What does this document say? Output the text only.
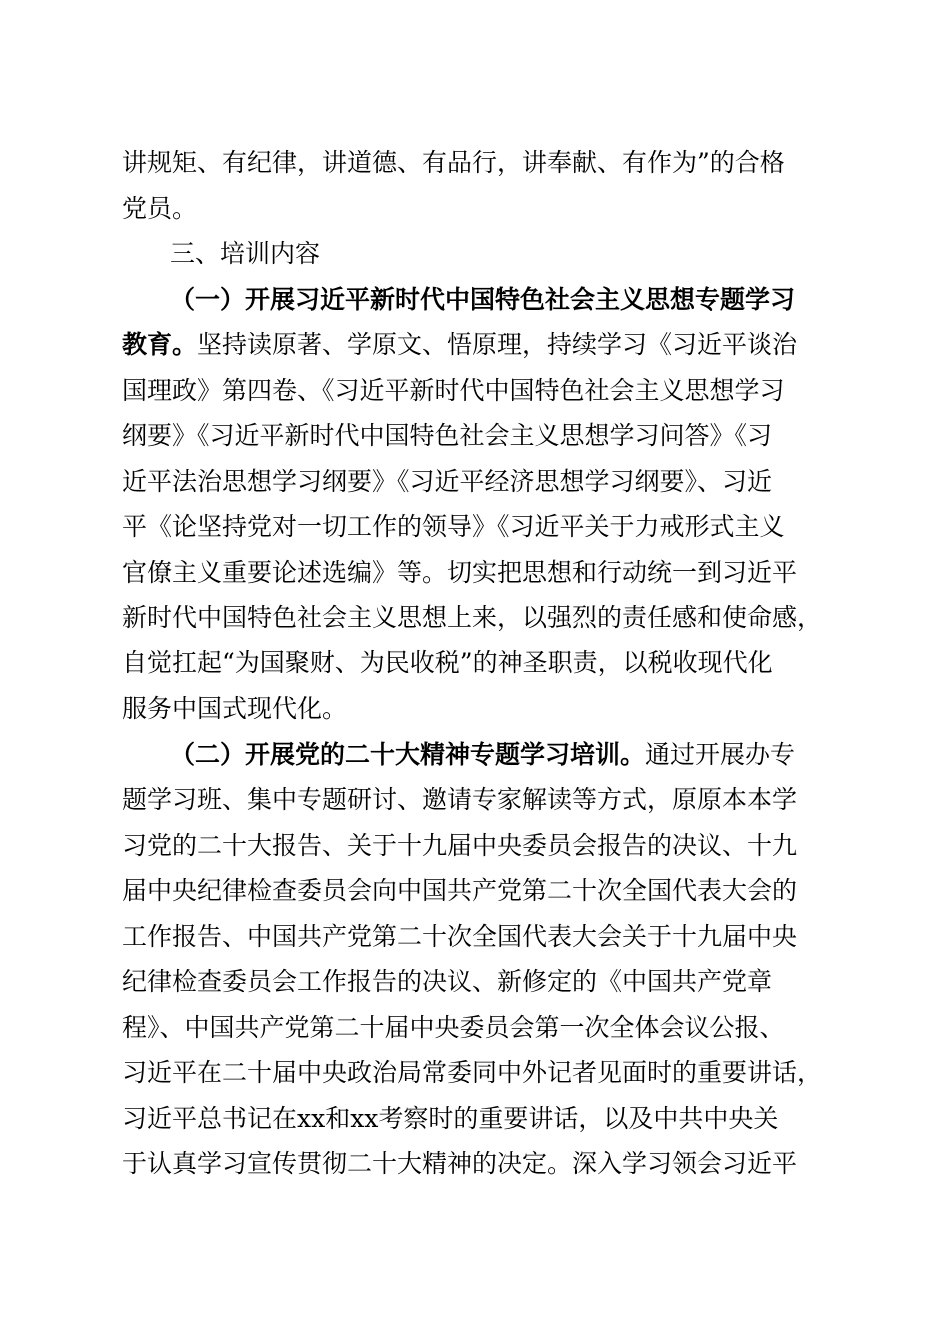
讲规矩、有纪律，讲道德、有品行，讲奉献、有作为”的合格
党员。
三、培训内容
（一）开展习近平新时代中国特色社会主义思想专题学习
教育。坚持读原著、学原文、悟原理，持续学习《习近平谈治
国理政》第四卷、《习近平新时代中国特色社会主义思想学习
纲要》《习近平新时代中国特色社会主义思想学习问答》《习
近平法治思想学习纲要》《习近平经济思想学习纲要》、习近
平《论坚持党对一切工作的领导》《习近平关于力戒形式主义
官僚主义重要论述选编》等。切实把思想和行动统一到习近平
新时代中国特色社会主义思想上来，以强烈的责任感和使命感，
自觉扛起“为国聚财、为民收税”的神圣职责，以税收现代化
服务中国式现代化。
（二）开展党的二十大精神专题学习培训。通过开展办专
题学习班、集中专题研讨、邀请专家解读等方式，原原本本学
习党的二十大报告、关于十九届中央委员会报告的决议、十九
届中央纪律检查委员会向中国共产党第二十次全国代表大会的
工作报告、中国共产党第二十次全国代表大会关于十九届中央
纪律检查委员会工作报告的决议、新修定的《中国共产党章
程》、中国共产党第二十届中央委员会第一次全体会议公报、
习近平在二十届中央政治局常委同中外记者见面时的重要讲话，
习近平总书记在xx和xx考察时的重要讲话，以及中共中央关
于认真学习宣传贯彻二十大精神的决定。深入学习领会习近平
